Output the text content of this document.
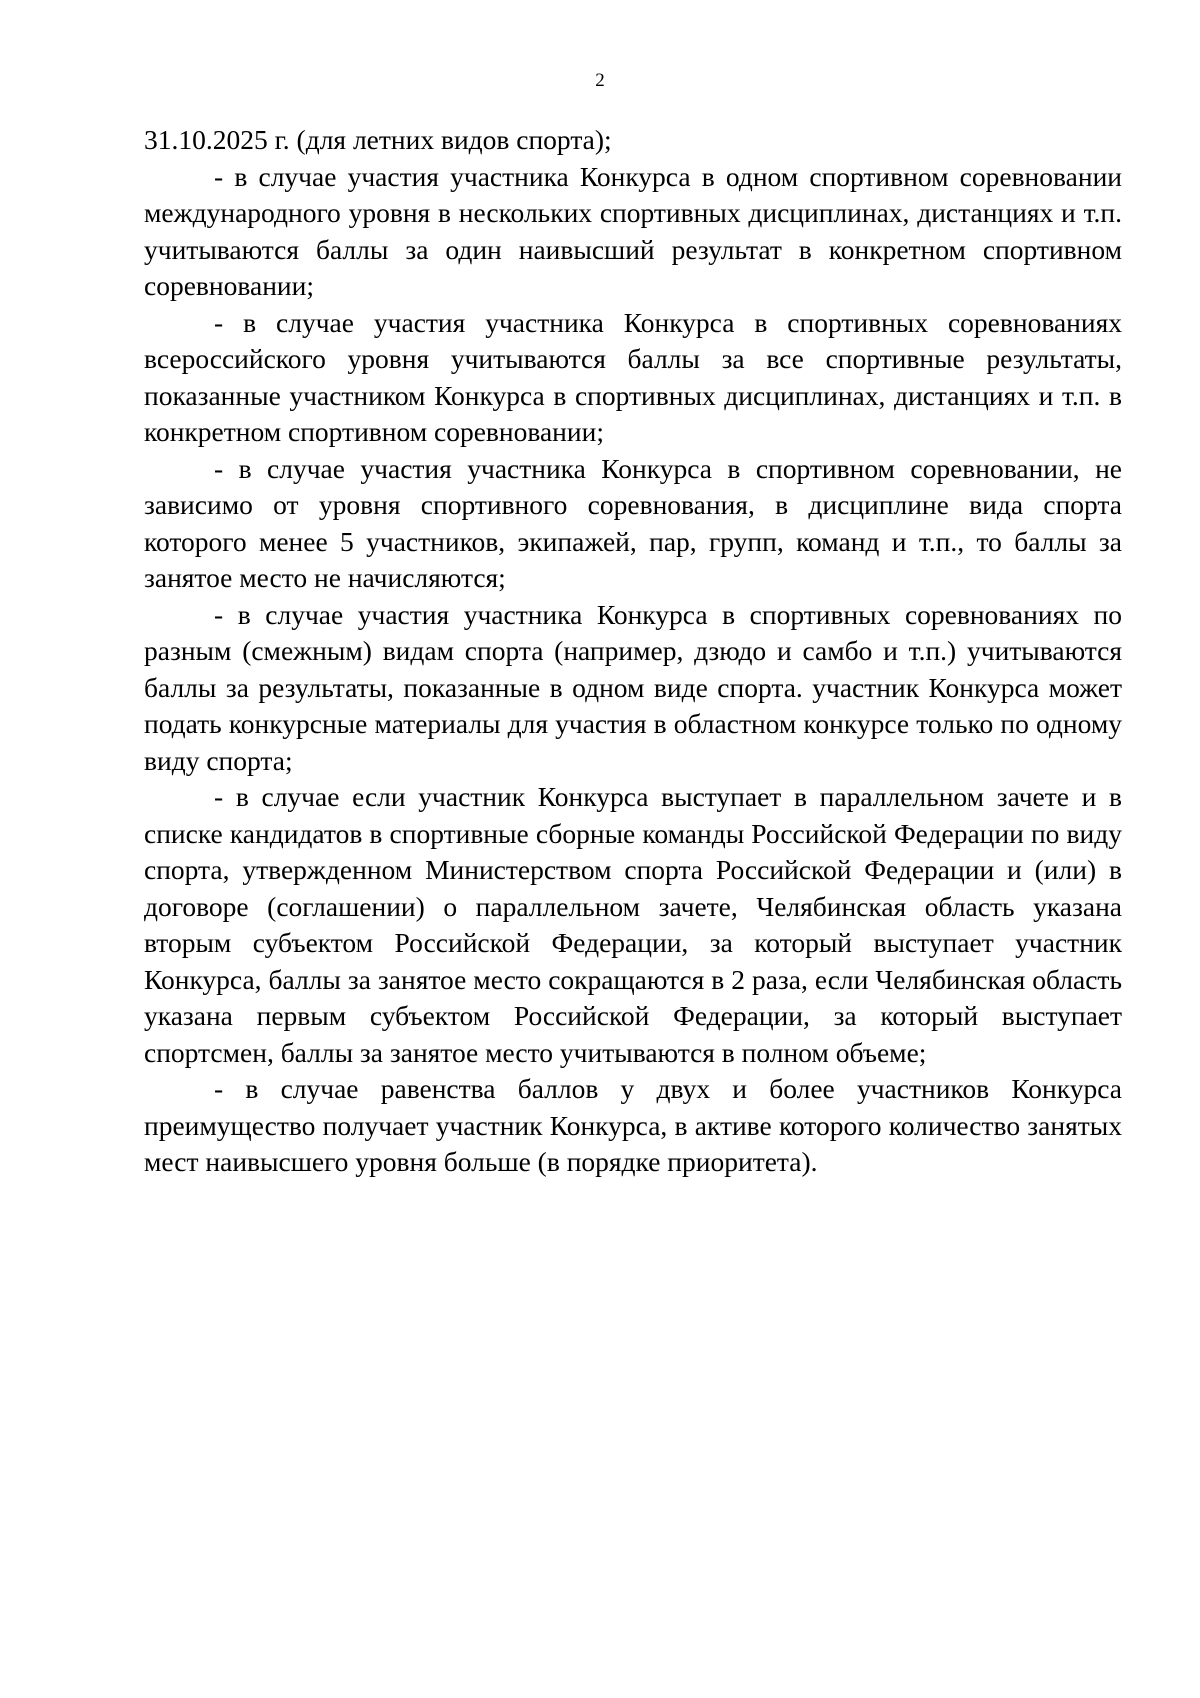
2

31.10.2025 г. (для летних видов спорта);

- в случае участия участника Конкурса в одном спортивном соревновании международного уровня в нескольких спортивных дисциплинах, дистанциях и т.п. учитываются баллы за один наивысший результат в конкретном спортивном соревновании;

- в случае участия участника Конкурса в спортивных соревнованиях всероссийского уровня учитываются баллы за все спортивные результаты, показанные участником Конкурса в спортивных дисциплинах, дистанциях и т.п. в конкретном спортивном соревновании;

- в случае участия участника Конкурса в спортивном соревновании, не зависимо от уровня спортивного соревнования, в дисциплине вида спорта которого менее 5 участников, экипажей, пар, групп, команд и т.п., то баллы за занятое место не начисляются;

- в случае участия участника Конкурса в спортивных соревнованиях по разным (смежным) видам спорта (например, дзюдо и самбо и т.п.) учитываются баллы за результаты, показанные в одном виде спорта. участник Конкурса может подать конкурсные материалы для участия в областном конкурсе только по одному виду спорта;

- в случае если участник Конкурса выступает в параллельном зачете и в списке кандидатов в спортивные сборные команды Российской Федерации по виду спорта, утвержденном Министерством спорта Российской Федерации и (или) в договоре (соглашении) о параллельном зачете, Челябинская область указана вторым субъектом Российской Федерации, за который выступает участник Конкурса, баллы за занятое место сокращаются в 2 раза, если Челябинская область указана первым субъектом Российской Федерации, за который выступает спортсмен, баллы за занятое место учитываются в полном объеме;

- в случае равенства баллов у двух и более участников Конкурса преимущество получает участник Конкурса, в активе которого количество занятых мест наивысшего уровня больше (в порядке приоритета).
